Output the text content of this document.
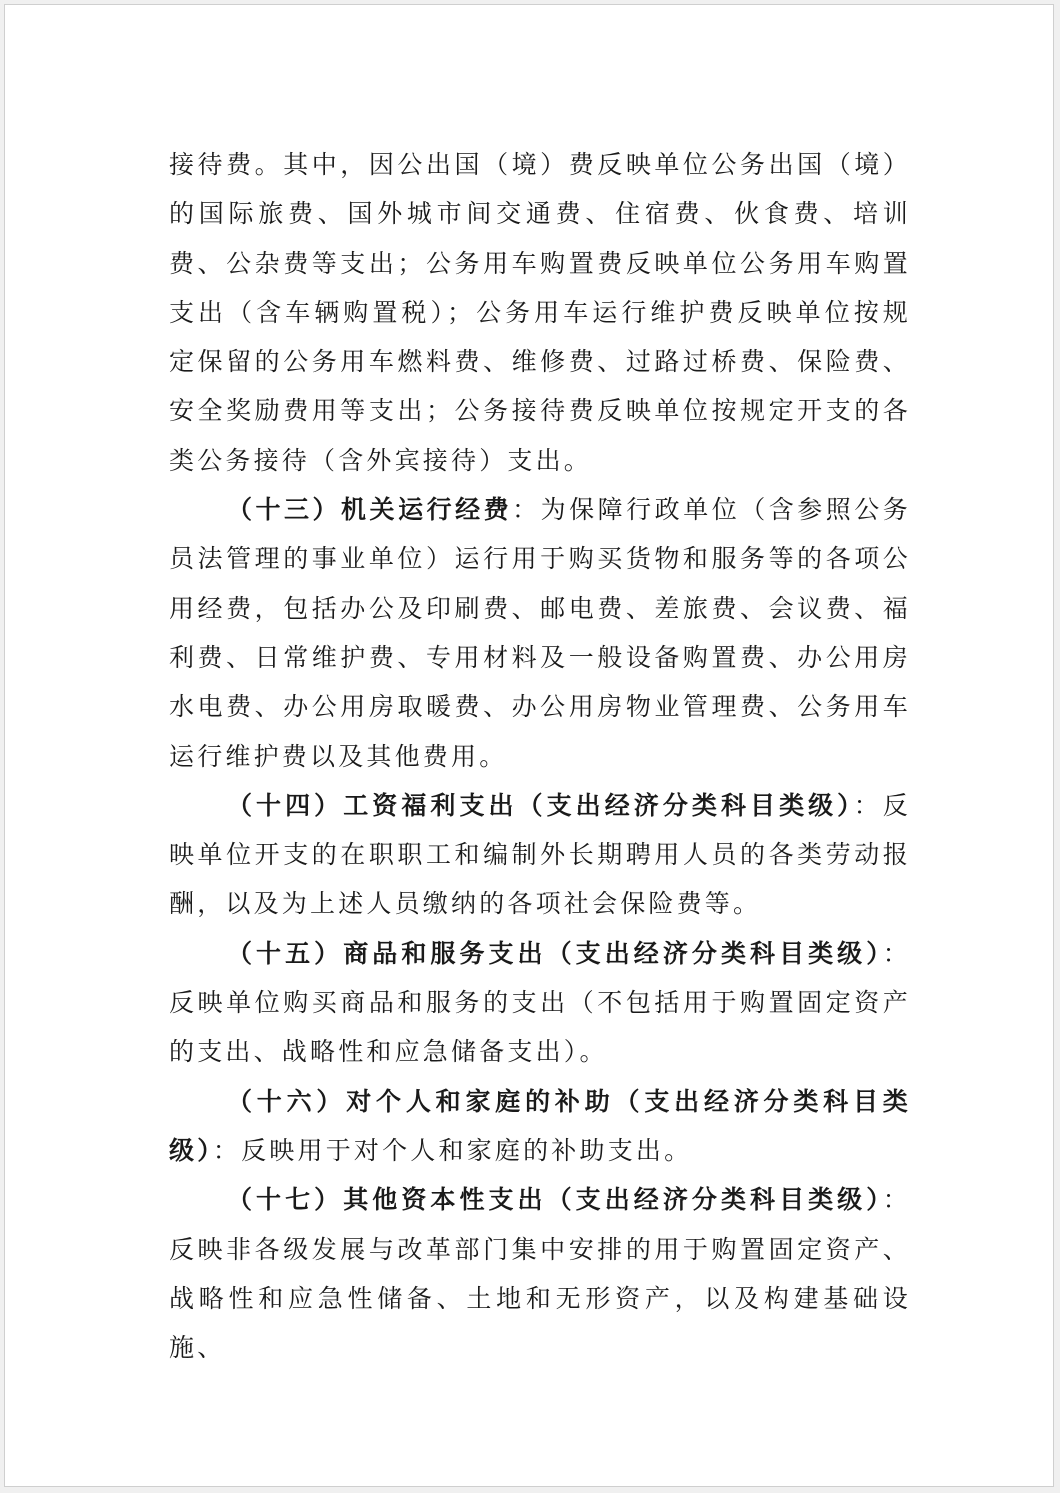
接待费。其中，因公出国（境）费反映单位公务出国（境）的国际旅费、国外城市间交通费、住宿费、伙食费、培训费、公杂费等支出；公务用车购置费反映单位公务用车购置支出（含车辆购置税）；公务用车运行维护费反映单位按规定保留的公务用车燃料费、维修费、过路过桥费、保险费、安全奖励费用等支出；公务接待费反映单位按规定开支的各类公务接待（含外宾接待）支出。

（十三）机关运行经费：为保障行政单位（含参照公务员法管理的事业单位）运行用于购买货物和服务等的各项公用经费，包括办公及印刷费、邮电费、差旅费、会议费、福利费、日常维护费、专用材料及一般设备购置费、办公用房水电费、办公用房取暖费、办公用房物业管理费、公务用车运行维护费以及其他费用。

（十四）工资福利支出（支出经济分类科目类级）：反映单位开支的在职职工和编制外长期聘用人员的各类劳动报酬，以及为上述人员缴纳的各项社会保险费等。

（十五）商品和服务支出（支出经济分类科目类级）：反映单位购买商品和服务的支出（不包括用于购置固定资产的支出、战略性和应急储备支出）。

（十六）对个人和家庭的补助（支出经济分类科目类级）：反映用于对个人和家庭的补助支出。

（十七）其他资本性支出（支出经济分类科目类级）：反映非各级发展与改革部门集中安排的用于购置固定资产、战略性和应急性储备、土地和无形资产，以及构建基础设施、
